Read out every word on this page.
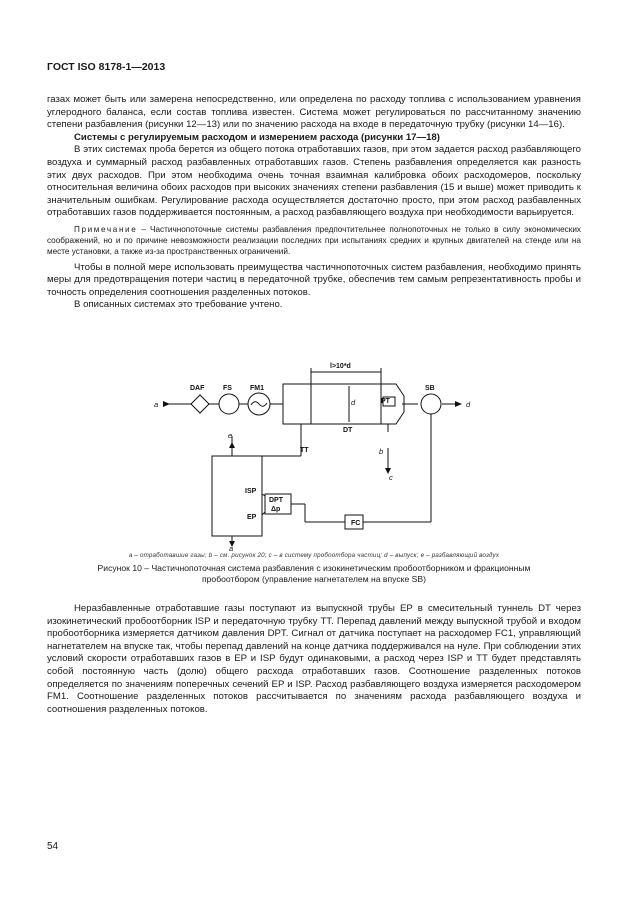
ГОСТ ISO 8178-1—2013

газах может быть или замерена непосредственно, или определена по расходу топлива с использованием уравнения углеродного баланса, если состав топлива известен. Система может регулироваться по рассчитанному значению степени разбавления (рисунки 12—13) или по значению расхода на входе в передаточную трубку (рисунки 14—16).

Системы с регулируемым расходом и измерением расхода (рисунки 17—18)

В этих системах проба берется из общего потока отработавших газов, при этом задается расход разбавляющего воздуха и суммарный расход разбавленных отработавших газов. Степень разбавления определяется как разность этих двух расходов. При этом необходима очень точная взаимная калибровка обоих расходомеров, поскольку относительная величина обоих расходов при высоких значениях степени разбавления (15 и выше) может приводить к значительным ошибкам. Регулирование расхода осуществляется достаточно просто, при этом расход разбавленных отработавших газов поддерживается постоянным, а расход разбавляющего воздуха при необходимости варьируется.

Примечание – Частичнопоточные системы разбавления предпочтительнее полнопоточных не только в силу экономических соображений, но и по причине невозможности реализации последних при испытаниях средних и крупных двигателей на стенде или на месте установки, а также из-за пространственных ограничений.

Чтобы в полной мере использовать преимущества частичнопоточных систем разбавления, необходимо принять меры для предотвращения потери частиц в передаточной трубке, обеспечив тем самым репрезентативность пробы и точность определения соотношения разделенных потоков.

В описанных системах это требование учтено.

DAF	FS	FM1	SB
l>10*d
PT
DT
TT
ISP
EP
DPT
Δp
FC
a	d
d
b
c
e
a
a – отработавшие газы; b – см. рисунок 20; c – в систему пробоотбора частиц; d – выпуск; e – разбавляющий воздух
Рисунок 10 – Частичнопоточная система разбавления с изокинетическим пробоотборником и фракционным
пробоотбором (управление нагнетателем на впуске SB)

Неразбавленные отработавшие газы поступают из выпускной трубы EP в смесительный туннель DT через изокинетический пробоотборник ISP и передаточную трубку TT. Перепад давлений между выпускной трубой и входом пробоотборника измеряется датчиком давления DPT. Сигнал от датчика поступает на расходомер FC1, управляющий нагнетателем на впуске так, чтобы перепад давлений на конце датчика поддерживался на нуле. При соблюдении этих условий скорости отработавших газов в EP и ISP будут одинаковыми, а расход через ISP и TT будет представлять собой постоянную часть (долю) общего расхода отработавших газов. Соотношение разделенных потоков определяется по значениям поперечных сечений EP и ISP. Расход разбавляющего воздуха измеряется расходомером FM1. Соотношение разделенных потоков рассчитывается по значениям расхода разбавляющего воздуха и соотношения разделенных потоков.

54
